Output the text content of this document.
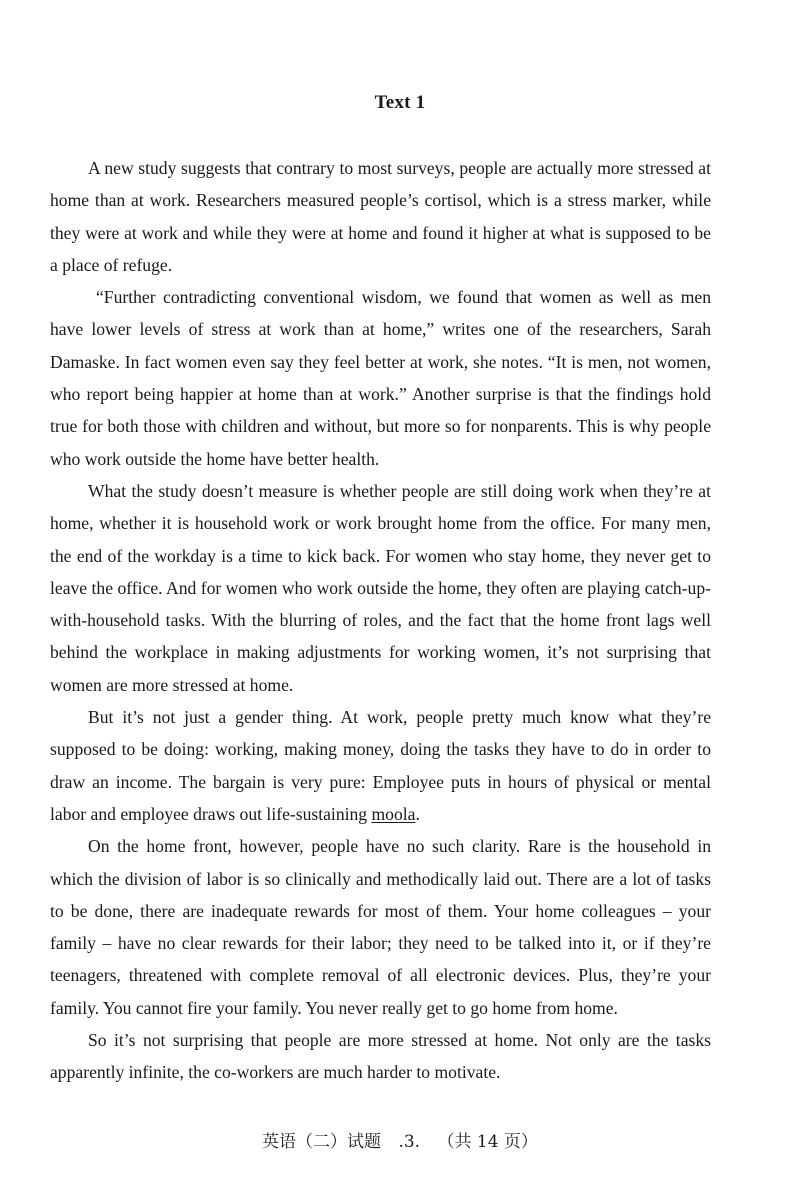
Text 1

A new study suggests that contrary to most surveys, people are actually more stressed at home than at work. Researchers measured people’s cortisol, which is a stress marker, while they were at work and while they were at home and found it higher at what is supposed to be a place of refuge.

“Further contradicting conventional wisdom, we found that women as well as men have lower levels of stress at work than at home,” writes one of the researchers, Sarah Damaske. In fact women even say they feel better at work, she notes. “It is men, not women, who report being happier at home than at work.” Another surprise is that the findings hold true for both those with children and without, but more so for nonparents. This is why people who work outside the home have better health.

What the study doesn’t measure is whether people are still doing work when they’re at home, whether it is household work or work brought home from the office. For many men, the end of the workday is a time to kick back. For women who stay home, they never get to leave the office. And for women who work outside the home, they often are playing catch-up-with-household tasks. With the blurring of roles, and the fact that the home front lags well behind the workplace in making adjustments for working women, it’s not surprising that women are more stressed at home.

But it’s not just a gender thing. At work, people pretty much know what they’re supposed to be doing: working, making money, doing the tasks they have to do in order to draw an income. The bargain is very pure: Employee puts in hours of physical or mental labor and employee draws out life-sustaining moola.

On the home front, however, people have no such clarity. Rare is the household in which the division of labor is so clinically and methodically laid out. There are a lot of tasks to be done, there are inadequate rewards for most of them. Your home colleagues – your family – have no clear rewards for their labor; they need to be talked into it, or if they’re teenagers, threatened with complete removal of all electronic devices. Plus, they’re your family. You cannot fire your family. You never really get to go home from home.

So it’s not surprising that people are more stressed at home. Not only are the tasks apparently infinite, the co-workers are much harder to motivate.

英语（二）试题 .3. （共 14 页）
